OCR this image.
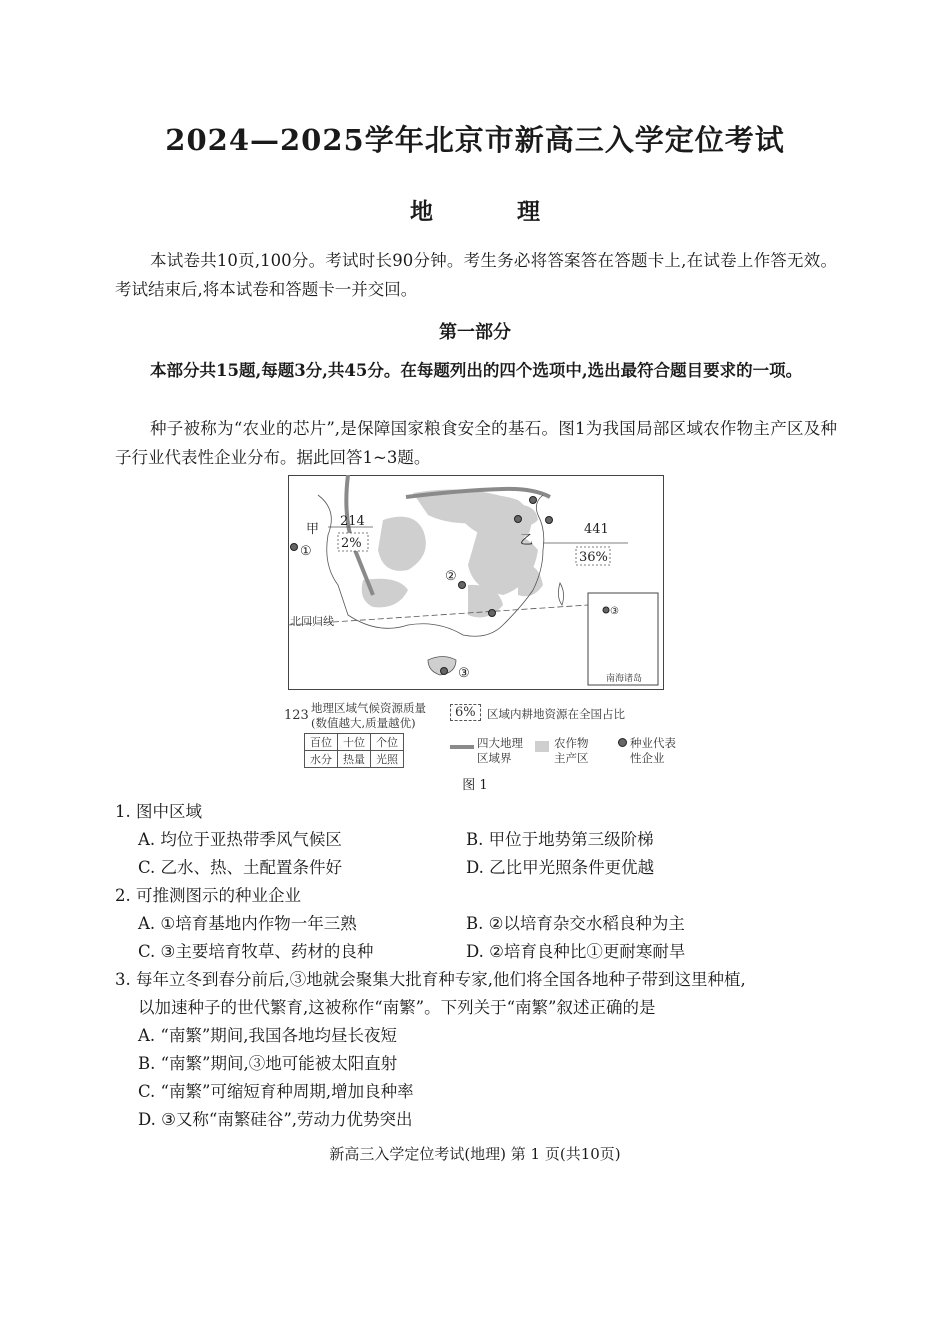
2024—2025学年北京市新高三入学定位考试
地 理
本试卷共10页,100分。考试时长90分钟。考生务必将答案答在答题卡上,在试卷上作答无效。考试结束后,将本试卷和答题卡一并交回。
第一部分
本部分共15题,每题3分,共45分。在每题列出的四个选项中,选出最符合题目要求的一项。
种子被称为“农业的芯片”,是保障国家粮食安全的基石。图1为我国局部区域农作物主产区及种子行业代表性企业分布。据此回答1~3题。
甲
214
2%	乙
441
36%
①
②
③
③
北回归线
南海诸岛
123 地理区域气候资源质量
(数值越大,质量越优)
6% 区域内耕地资源在全国占比
百位	十位	个位
水分	热量	光照
四大地理
区域界
农作物
主产区
种业代表
性企业
图 1
1. 图中区域
A. 均位于亚热带季风气候区	B. 甲位于地势第三级阶梯
C. 乙水、热、土配置条件好	D. 乙比甲光照条件更优越
2. 可推测图示的种业企业
A. ①培育基地内作物一年三熟	B. ②以培育杂交水稻良种为主
C. ③主要培育牧草、药材的良种	D. ②培育良种比①更耐寒耐旱
3. 每年立冬到春分前后,③地就会聚集大批育种专家,他们将全国各地种子带到这里种植,
以加速种子的世代繁育,这被称作“南繁”。下列关于“南繁”叙述正确的是
A. “南繁”期间,我国各地均昼长夜短
B. “南繁”期间,③地可能被太阳直射
C. “南繁”可缩短育种周期,增加良种率
D. ③又称“南繁硅谷”,劳动力优势突出
新高三入学定位考试(地理) 第 1 页(共10页)
